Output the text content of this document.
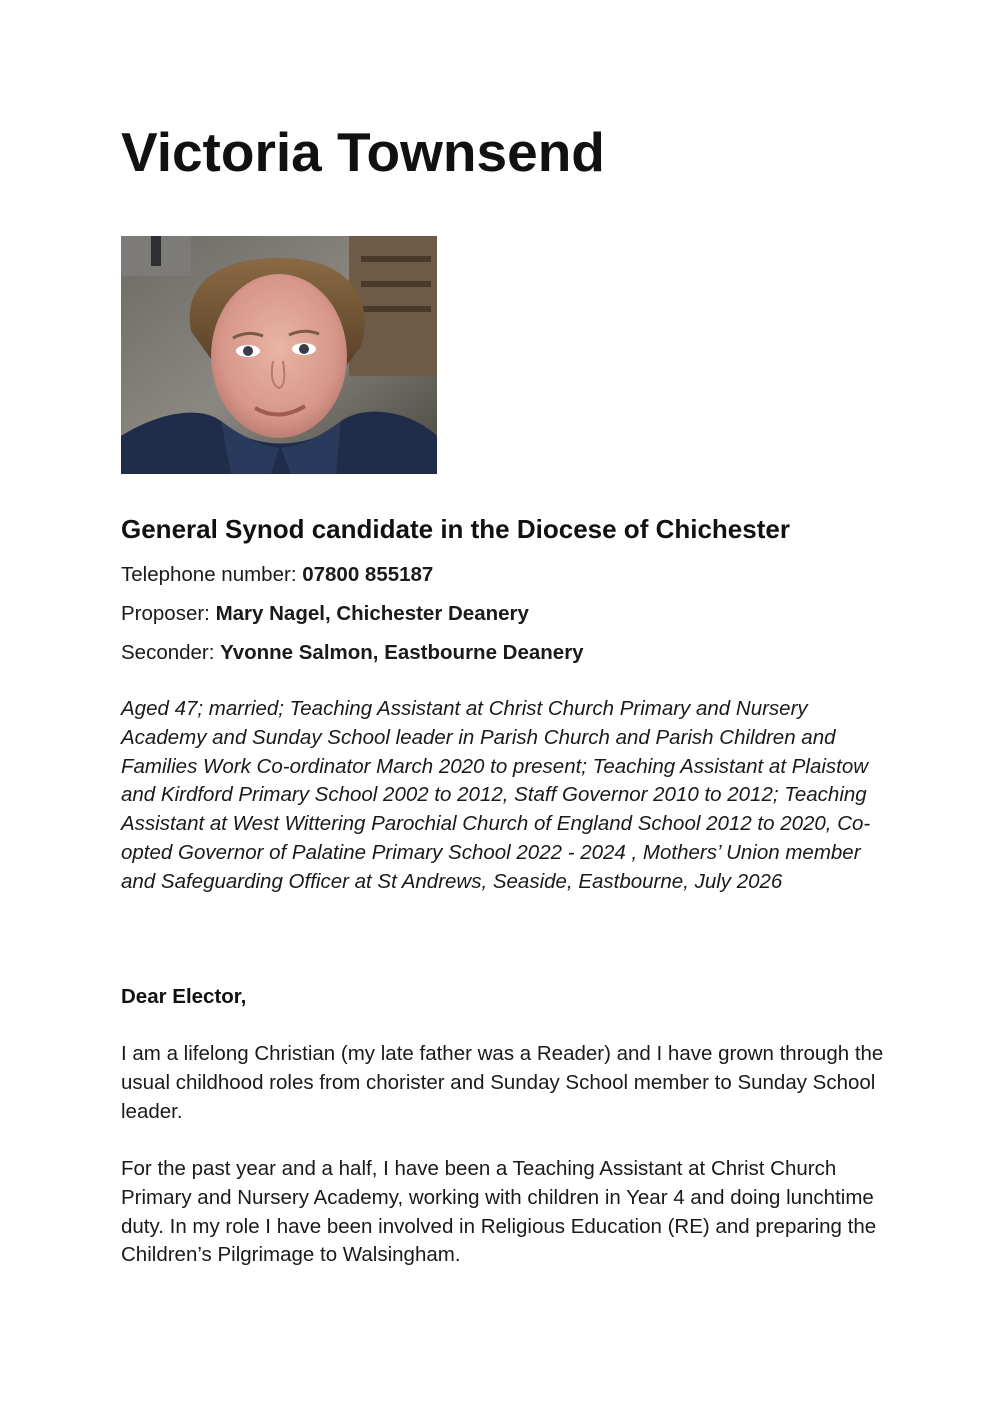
Victoria Townsend
General Synod candidate in the Diocese of Chichester

Telephone number: 07800 855187

Proposer: Mary Nagel, Chichester Deanery

Seconder: Yvonne Salmon, Eastbourne Deanery

Aged 47; married; Teaching Assistant at Christ Church Primary and Nursery Academy and Sunday School leader in Parish Church and Parish Children and Families Work Co-ordinator March 2020 to present; Teaching Assistant at Plaistow and Kirdford Primary School 2002 to 2012, Staff Governor 2010 to 2012; Teaching Assistant at West Wittering Parochial Church of England School 2012 to 2020, Co-opted Governor of Palatine Primary School 2022 - 2024 , Mothers’ Union member and Safeguarding Officer at St Andrews, Seaside, Eastbourne, July 2026

Dear Elector,

I am a lifelong Christian (my late father was a Reader) and I have grown through the usual childhood roles from chorister and Sunday School member to Sunday School leader.

For the past year and a half, I have been a Teaching Assistant at Christ Church Primary and Nursery Academy, working with children in Year 4 and doing lunchtime duty. In my role I have been involved in Religious Education (RE) and preparing the Children’s Pilgrimage to Walsingham.
